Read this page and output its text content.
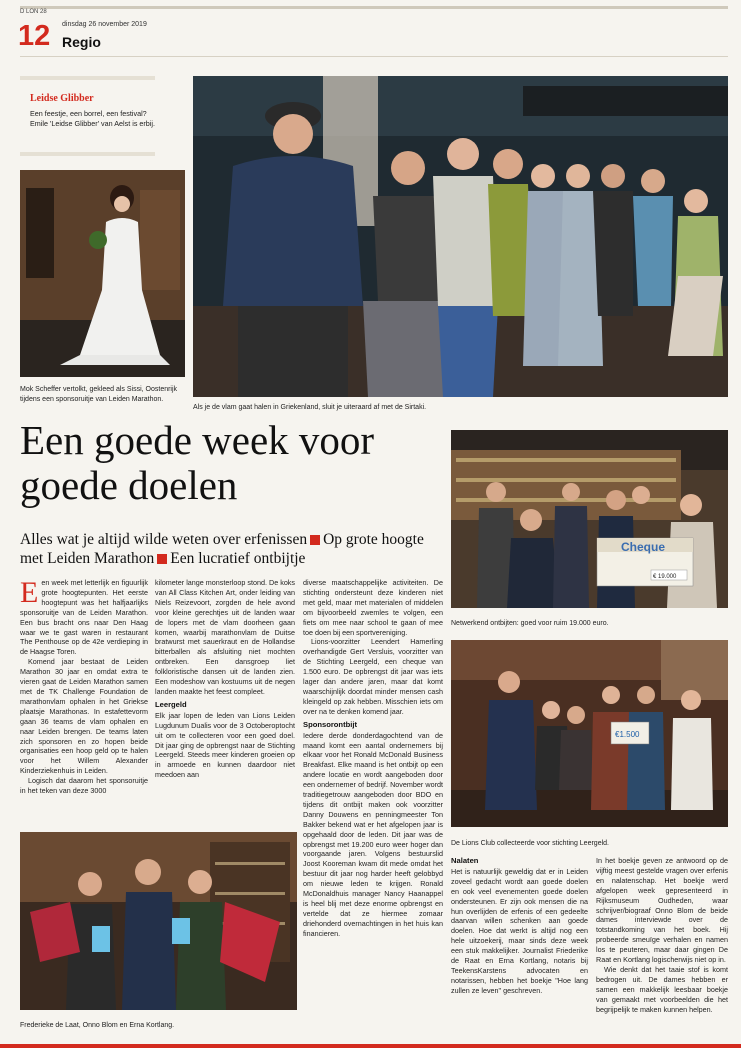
D LON 28
12 dinsdag 26 november 2019
Regio
Leidse Glibber
Een feestje, een borrel, een festival? Emile 'Leidse Glibber' van Aelst is erbij.
Mok Scheffer vertolkt, gekleed als Sissi, Oostenrijk tijdens een sponsoruitje van Leiden Marathon.
Als je de vlam gaat halen in Griekenland, sluit je uiteraard af met de Sirtaki.
Een goede week voor goede doelen
Alles wat je altijd wilde weten over erfenissen Op grote hoogte met Leiden Marathon Een lucratief ontbijtje
Cheque
€ 19.000
Netwerkend ontbijten: goed voor ruim 19.000 euro.
€1.500
De Lions Club collecteerde voor stichting Leergeld.
Frederieke de Laat, Onno Blom en Erna Kortlang.

Een week met letterlijk en figuurlijk grote hoogtepunten. Het eerste hoogtepunt was het halfjaarlijks sponsoruitje van de Leiden Marathon. Een bus bracht ons naar Den Haag waar we te gast waren in restaurant The Penthouse op de 42e verdieping in de Haagse Toren.

Komend jaar bestaat de Leiden Marathon 30 jaar en omdat extra te vieren gaat de Leiden Marathon samen met de TK Challenge Foundation de marathonvlam ophalen in het Griekse plaatsje Marathonas. In estafettevorm gaan 36 teams de vlam ophalen en naar Leiden brengen. De teams laten zich sponsoren en zo hopen beide organisaties een hoop geld op te halen voor het Willem Alexander Kinderziekenhuis in Leiden.

Logisch dat daarom het sponsoruitje in het teken van deze 3000

kilometer lange monsterloop stond. De koks van All Class Kitchen Art, onder leiding van Niels Reizevoort, zorgden de hele avond voor kleine gerechtjes uit de landen waar de lopers met de vlam doorheen gaan komen, waarbij marathonvlam de Duitse bratwurst met sauerkraut en de Hollandse bitterballen als afsluiting niet mochten ontbreken. Een dansgroep liet folkloristische dansen uit de landen zien. Een modeshow van kostuums uit de negen landen maakte het feest compleet.

Leergeld

Elk jaar lopen de leden van Lions Leiden Lugdunum Dualis voor de 3 Octoberoptocht uit om te collecteren voor een goed doel. Dit jaar ging de opbrengst naar de Stichting Leergeld. Steeds meer kinderen groeien op in armoede en kunnen daardoor niet meedoen aan

diverse maatschappelijke activiteiten. De stichting ondersteunt deze kinderen niet met geld, maar met materialen of middelen om bijvoorbeeld zwemles te volgen, een fiets om mee naar school te gaan of mee toe doen bij een sportvereniging.

Lions-voorzitter Leendert Hamerling overhandigde Gert Versluis, voorzitter van de Stichting Leergeld, een cheque van 1.500 euro. De opbrengst dit jaar was iets lager dan andere jaren, maar dat komt waarschijnlijk doordat minder mensen cash kleingeld op zak hebben. Misschien iets om over na te denken komend jaar.

Sponsorontbijt

Iedere derde donderdagochtend van de maand komt een aantal ondernemers bij elkaar voor het Ronald McDonald Business Breakfast. Elke maand is het ontbijt op een andere locatie en wordt aangeboden door een ondernemer of bedrijf. November wordt traditiegetrouw aangeboden door BDO en tijdens dit ontbijt maken ook voorzitter Danny Douwens en penningmeester Ton Bakker bekend wat er het afgelopen jaar is opgehaald door de leden. Dit jaar was de opbrengst met 19.200 euro weer hoger dan voorgaande jaren. Volgens bestuurslid Joost Kooreman kwam dit mede omdat het bestuur dit jaar nog harder heeft gelobbyd om nieuwe leden te krijgen. Ronald McDonaldhuis manager Nancy Haanappel is heel blij met deze enorme opbrengst en vertelde dat ze hiermee zomaar driehonderd overnachtingen in het huis kan financieren.

Nalaten

Het is natuurlijk geweldig dat er in Leiden zoveel gedacht wordt aan goede doelen en ook veel evenementen goede doelen ondersteunen. Er zijn ook mensen die na hun overlijden de erfenis of een gedeelte daarvan willen schenken aan goede doelen. Hoe dat werkt is altijd nog een hele uitzoekerij, maar sinds deze week een stuk makkelijker. Journalist Friederike de Raat en Erna Kortlang, notaris bij TeekensKarstens advocaten en notarissen, hebben het boekje "Hoe lang zullen ze leven" geschreven.

In het boekje geven ze antwoord op de vijftig meest gestelde vragen over erfenis en nalatenschap. Het boekje werd afgelopen week gepresenteerd in Rijksmuseum Oudheden, waar schrijver/biograaf Onno Blom de beide dames interviewde over de totstandkoming van het boek. Hij probeerde smeuïge verhalen en namen los te peuteren, maar daar gingen De Raat en Kortlang logischerwijs niet op in.

Wie denkt dat het taaie stof is komt bedrogen uit. De dames hebben er samen een makkelijk leesbaar boekje van gemaakt met voorbeelden die het begrijpelijk te maken kunnen helpen.
